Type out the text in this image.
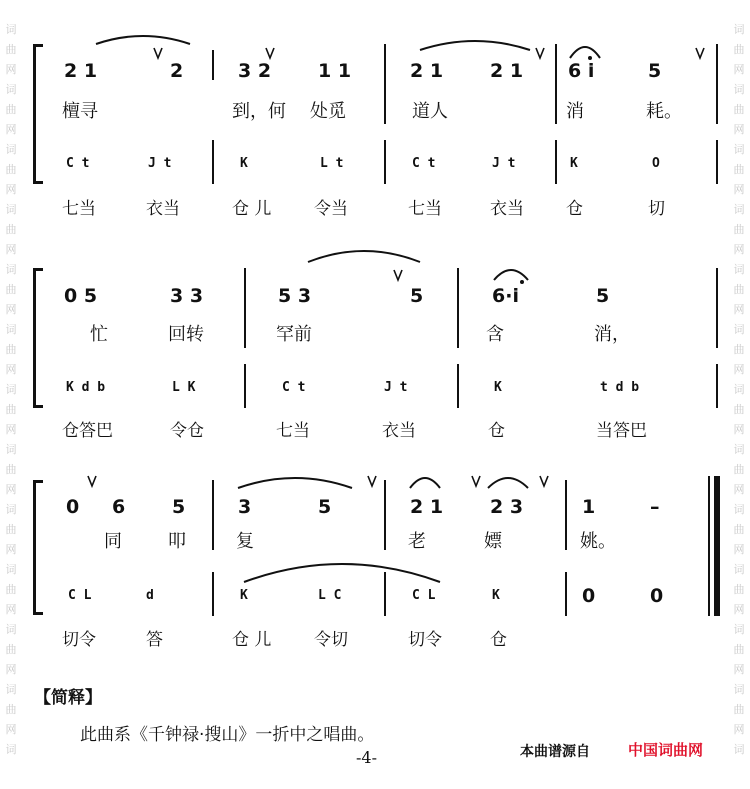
词
曲
网
词
曲
网
词
曲
网
词
曲
网
词
曲
网
词
曲
网
词
曲
网
词
曲
网
词
曲
网
词
曲
网
词
曲
网
词
曲
网
词
词
曲
网
词
曲
网
词
曲
网
词
曲
网
词
曲
网
词
曲
网
词
曲
网
词
曲
网
词
曲
网
词
曲
网
词
曲
网
词
曲
网
词
2 1	2	3 2 1 1	2 1 2 1 6 i	5
檀寻	到，何 处觅	道人	消	耗。
C t	J t	K	L t	C t	J t	K	O
七当	衣当	仓 儿	令当	七当	衣当 仓	切
0 5	3 3	5 3	5	6·i	5
忙	回转	罕前	含	消，
K d b	L K	C t	J t	K	t d b
仓答巴	令仓	七当	衣当	仓	当答巴
0 6 5	3	5	2 1 2 3	1	–
同	叩	复	老	嫖	姚。
C L	d	K	L C	C L	K	0	0
切令	答	仓 儿	令切	切令	仓
【简释】
此曲系《千钟禄·搜山》一折中之唱曲。
-4-	本曲谱源自	中国词曲网
